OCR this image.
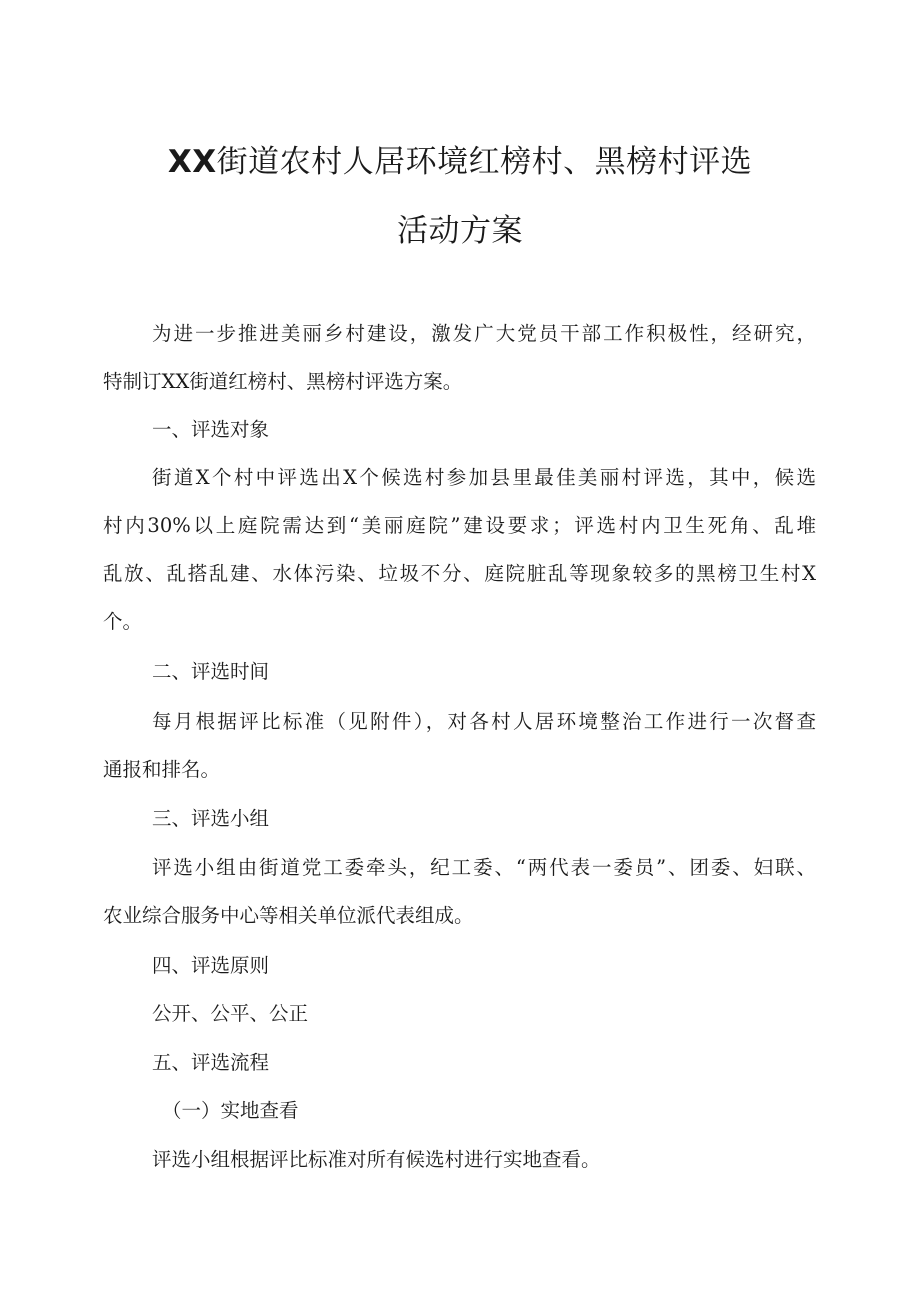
XX街道农村人居环境红榜村、黑榜村评选
活动方案
为进一步推进美丽乡村建设，激发广大党员干部工作积极性，经研究，
特制订XX街道红榜村、黑榜村评选方案。
一、评选对象
街道X个村中评选出X个候选村参加县里最佳美丽村评选，其中，候选
村内30%以上庭院需达到“美丽庭院”建设要求；评选村内卫生死角、乱堆
乱放、乱搭乱建、水体污染、垃圾不分、庭院脏乱等现象较多的黑榜卫生村X
个。
二、评选时间
每月根据评比标准（见附件），对各村人居环境整治工作进行一次督查
通报和排名。
三、评选小组
评选小组由街道党工委牵头，纪工委、“两代表一委员”、团委、妇联、
农业综合服务中心等相关单位派代表组成。
四、评选原则
公开、公平、公正
五、评选流程
（一）实地查看
评选小组根据评比标准对所有候选村进行实地查看。
